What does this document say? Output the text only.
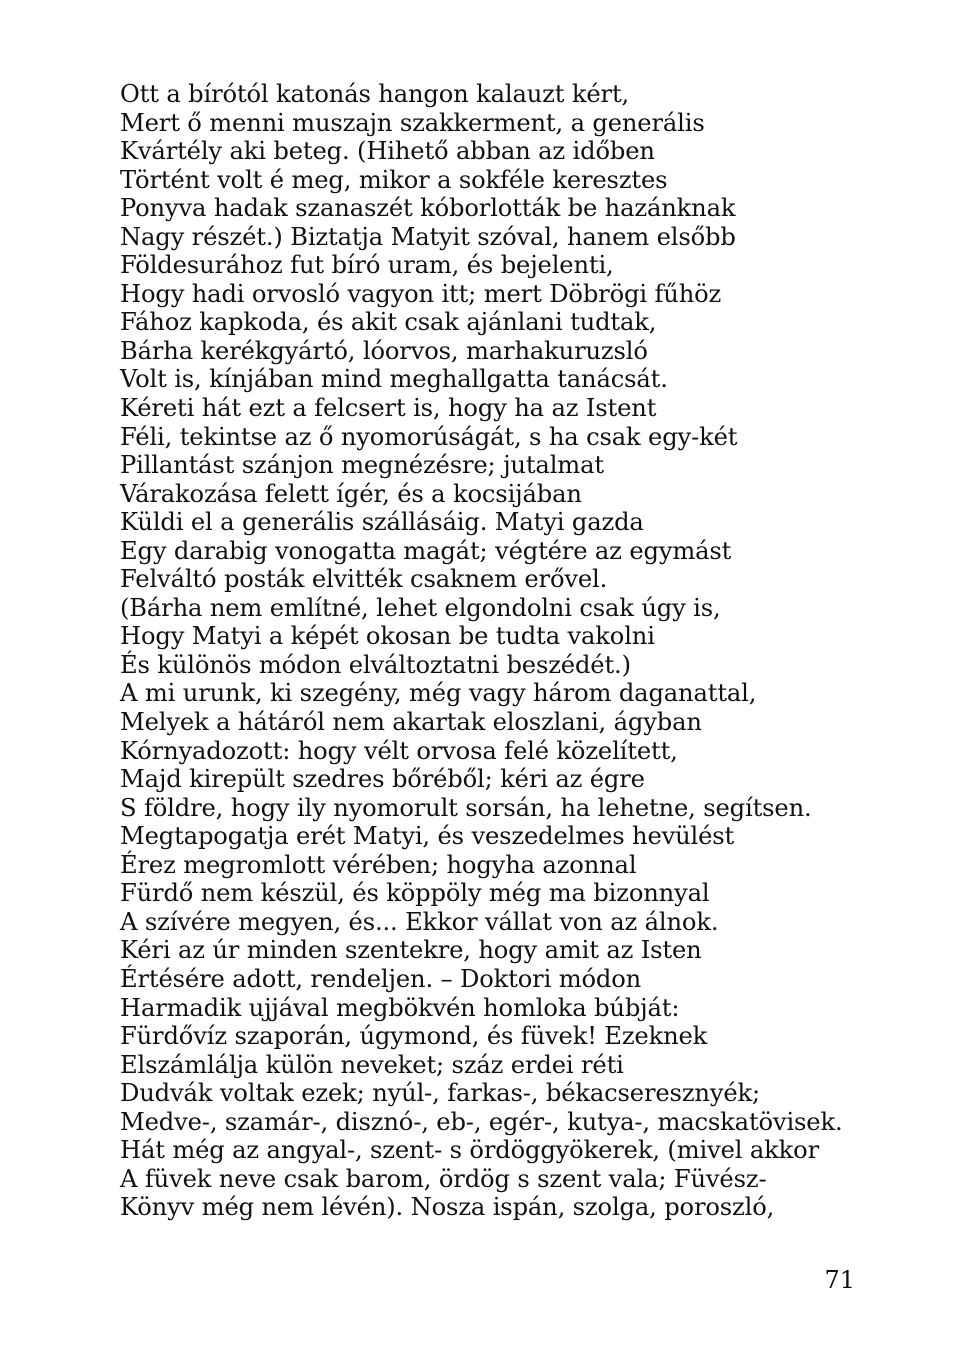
Ott a bírótól katonás hangon kalauzt kért,
Mert ő menni muszajn szakkerment, a generális
Kvártély aki beteg. (Hihető abban az időben
Történt volt é meg, mikor a sokféle keresztes
Ponyva hadak szanaszét kóborlották be hazánknak
Nagy részét.) Biztatja Matyit szóval, hanem elsőbb
Földesurához fut bíró uram, és bejelenti,
Hogy hadi orvosló vagyon itt; mert Döbrögi fűhöz
Fához kapkoda, és akit csak ajánlani tudtak,
Bárha kerékgyártó, lóorvos, marhakuruzsló
Volt is, kínjában mind meghallgatta tanácsát.
Kéreti hát ezt a felcsert is, hogy ha az Istent
Féli, tekintse az ő nyomorúságát, s ha csak egy-két
Pillantást szánjon megnézésre; jutalmat
Várakozása felett ígér, és a kocsijában
Küldi el a generális szállásáig. Matyi gazda
Egy darabig vonogatta magát; végtére az egymást
Felváltó posták elvitték csaknem erővel.
(Bárha nem említné, lehet elgondolni csak úgy is,
Hogy Matyi a képét okosan be tudta vakolni
És különös módon elváltoztatni beszédét.)
A mi urunk, ki szegény, még vagy három daganattal,
Melyek a hátáról nem akartak eloszlani, ágyban
Kórnyadozott: hogy vélt orvosa felé közelített,
Majd kirepült szedres bőréből; kéri az égre
S földre, hogy ily nyomorult sorsán, ha lehetne, segítsen.
Megtapogatja erét Matyi, és veszedelmes hevülést
Érez megromlott vérében; hogyha azonnal
Fürdő nem készül, és köppöly még ma bizonnyal
A szívére megyen, és... Ekkor vállat von az álnok.
Kéri az úr minden szentekre, hogy amit az Isten
Értésére adott, rendeljen. – Doktori módon
Harmadik ujjával megbökvén homloka búbját:
Fürdővíz szaporán, úgymond, és füvek! Ezeknek
Elszámlálja külön neveket; száz erdei réti
Dudvák voltak ezek; nyúl-, farkas-, békacseresznyék;
Medve-, szamár-, disznó-, eb-, egér-, kutya-, macskatövisek.
Hát még az angyal-, szent- s ördöggyökerek, (mivel akkor
A füvek neve csak barom, ördög s szent vala; Füvész-
Könyv még nem lévén). Nosza ispán, szolga, poroszló,
71
